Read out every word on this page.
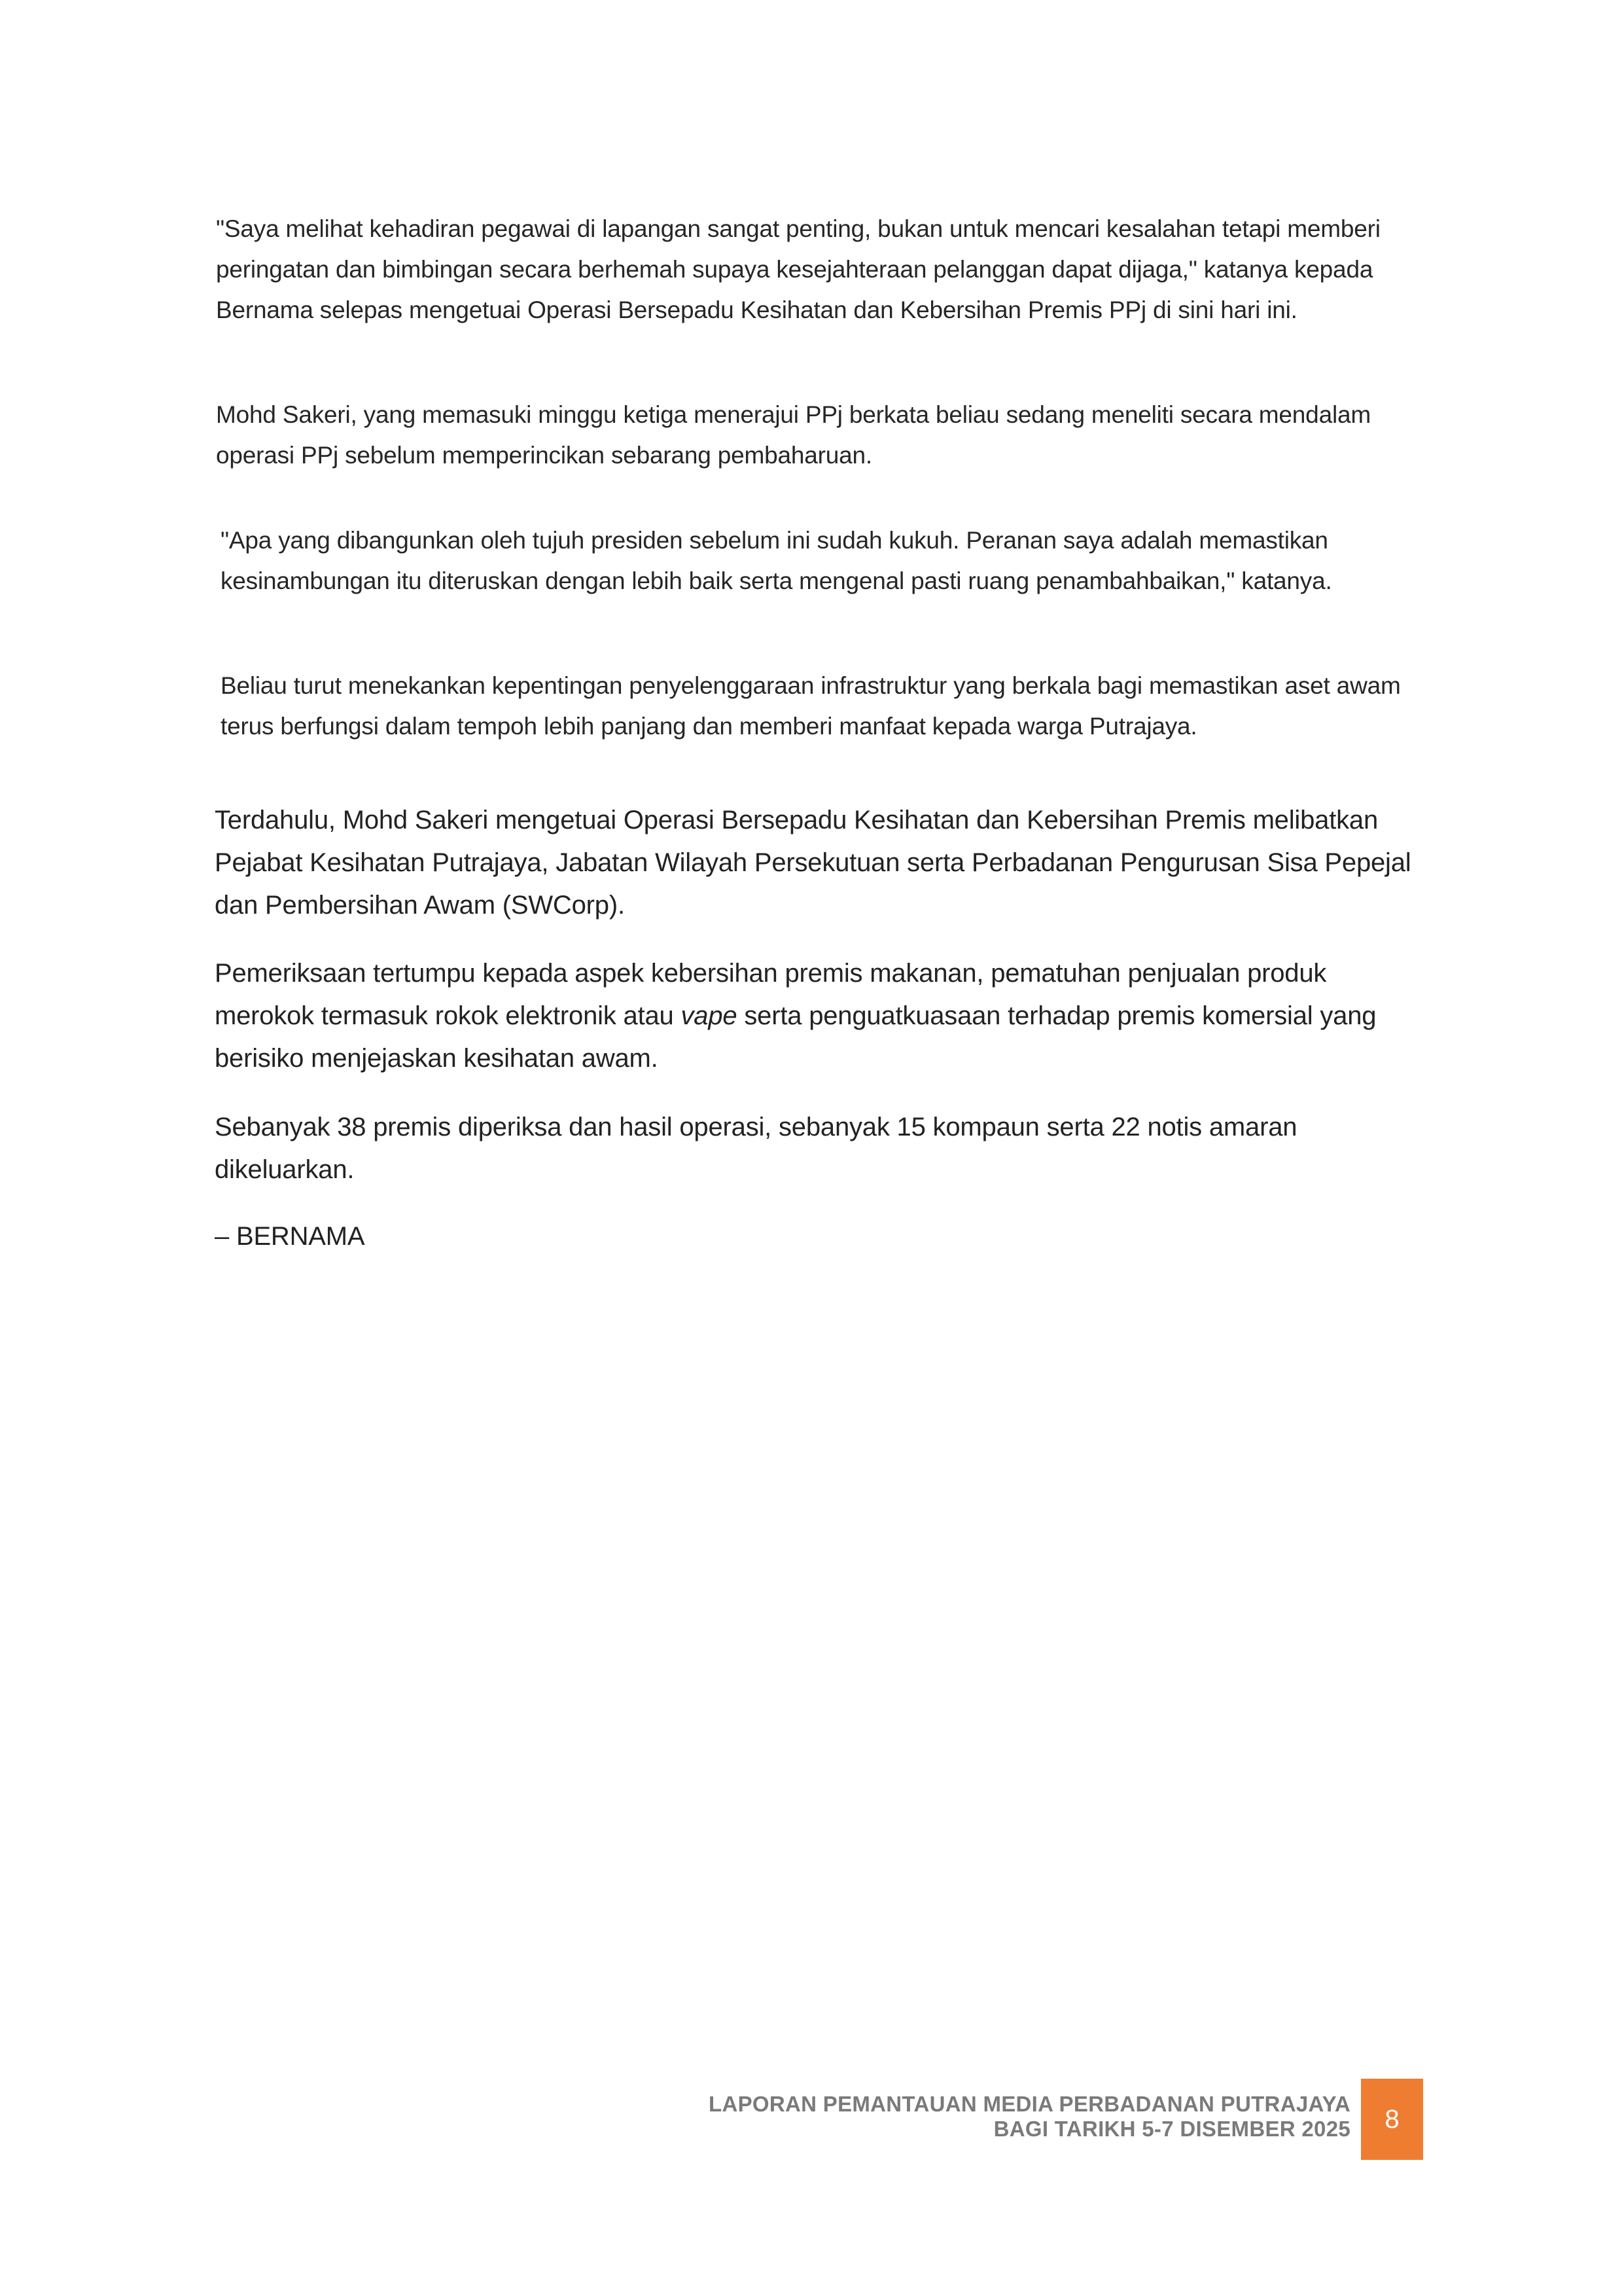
"Saya melihat kehadiran pegawai di lapangan sangat penting, bukan untuk mencari kesalahan tetapi memberi peringatan dan bimbingan secara berhemah supaya kesejahteraan pelanggan dapat dijaga," katanya kepada Bernama selepas mengetuai Operasi Bersepadu Kesihatan dan Kebersihan Premis PPj di sini hari ini.

Mohd Sakeri, yang memasuki minggu ketiga menerajui PPj berkata beliau sedang meneliti secara mendalam operasi PPj sebelum memperincikan sebarang pembaharuan.

"Apa yang dibangunkan oleh tujuh presiden sebelum ini sudah kukuh. Peranan saya adalah memastikan kesinambungan itu diteruskan dengan lebih baik serta mengenal pasti ruang penambahbaikan," katanya.

Beliau turut menekankan kepentingan penyelenggaraan infrastruktur yang berkala bagi memastikan aset awam terus berfungsi dalam tempoh lebih panjang dan memberi manfaat kepada warga Putrajaya.

Terdahulu, Mohd Sakeri mengetuai Operasi Bersepadu Kesihatan dan Kebersihan Premis melibatkan Pejabat Kesihatan Putrajaya, Jabatan Wilayah Persekutuan serta Perbadanan Pengurusan Sisa Pepejal dan Pembersihan Awam (SWCorp).

Pemeriksaan tertumpu kepada aspek kebersihan premis makanan, pematuhan penjualan produk merokok termasuk rokok elektronik atau vape serta penguatkuasaan terhadap premis komersial yang berisiko menjejaskan kesihatan awam.

Sebanyak 38 premis diperiksa dan hasil operasi, sebanyak 15 kompaun serta 22 notis amaran dikeluarkan.

– BERNAMA

LAPORAN PEMANTAUAN MEDIA PERBADANAN PUTRAJAYA
BAGI TARIKH 5-7 DISEMBER 2025 8
